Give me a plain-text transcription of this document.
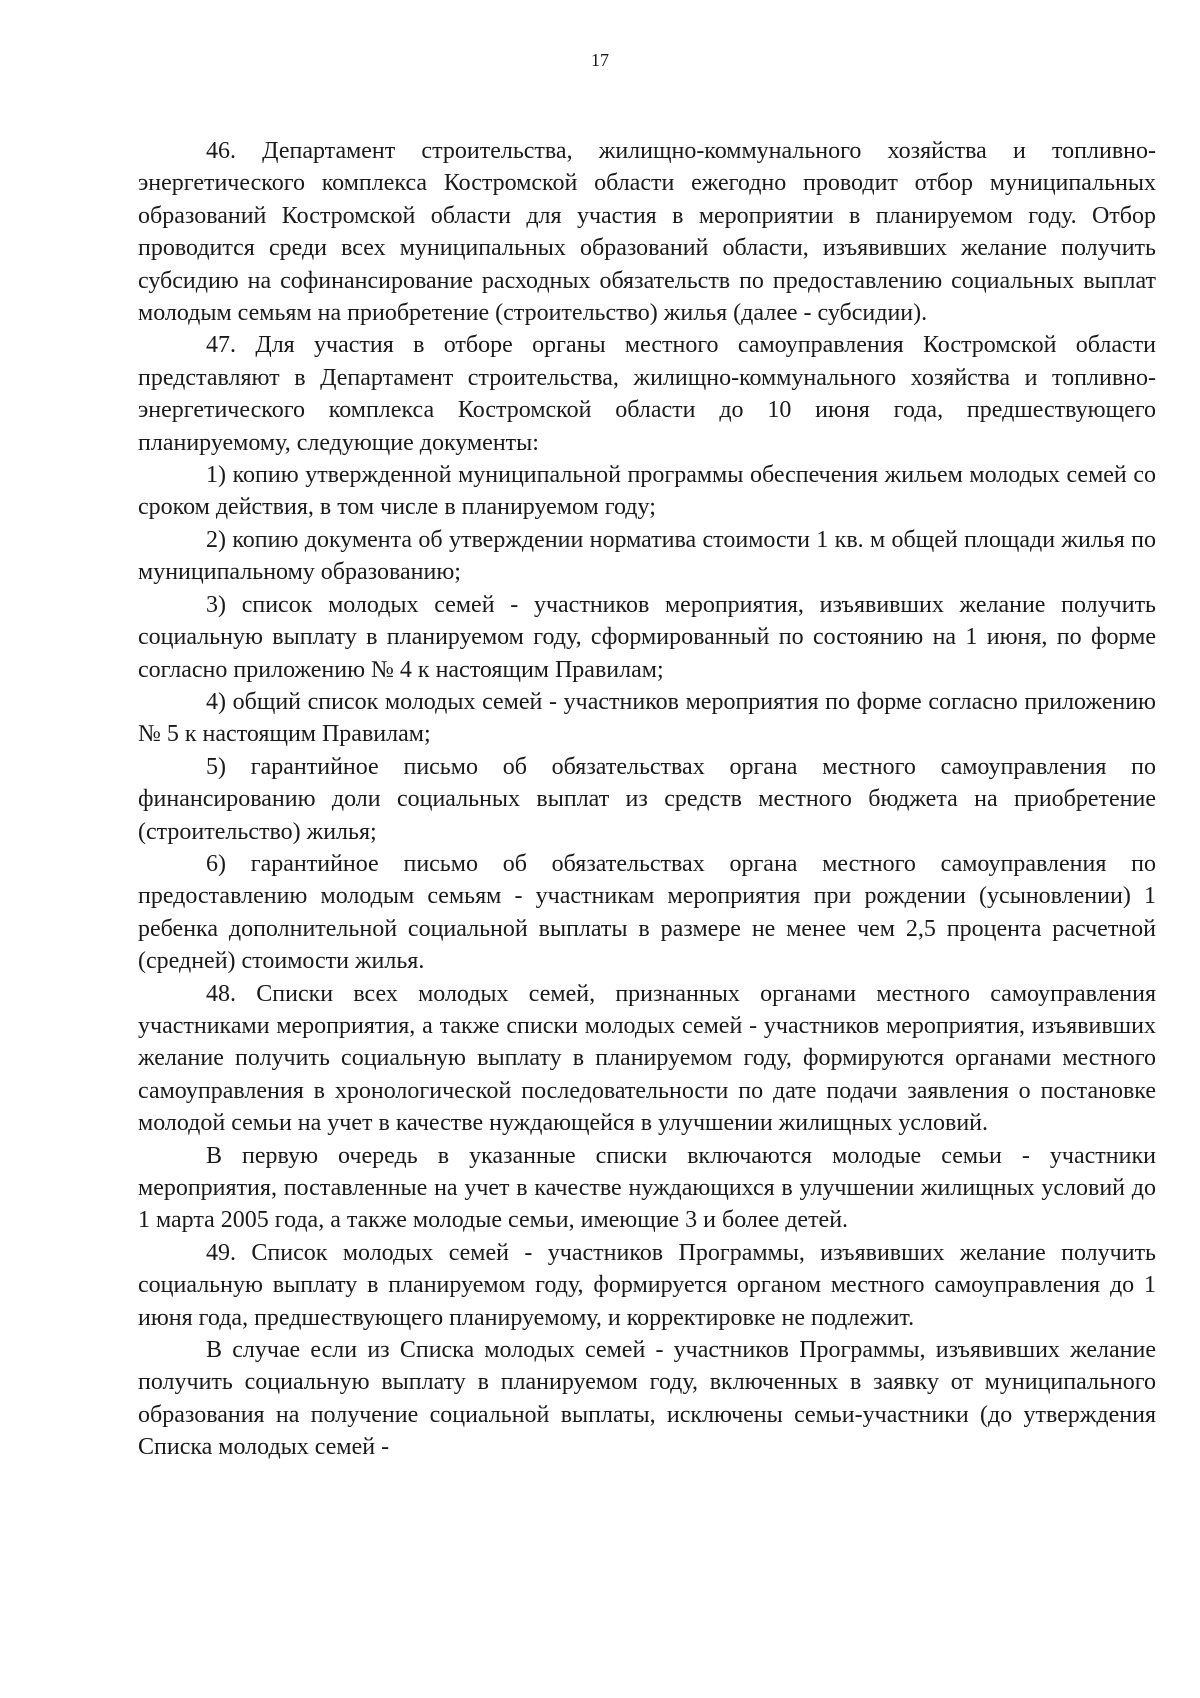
17

46. Департамент строительства, жилищно-коммунального хозяйства и топливно-энергетического комплекса Костромской области ежегодно проводит отбор муниципальных образований Костромской области для участия в мероприятии в планируемом году. Отбор проводится среди всех муниципальных образований области, изъявивших желание получить субсидию на софинансирование расходных обязательств по предоставлению социальных выплат молодым семьям на приобретение (строительство) жилья (далее - субсидии).

47. Для участия в отборе органы местного самоуправления Костромской области представляют в Департамент строительства, жилищно-коммунального хозяйства и топливно-энергетического комплекса Костромской области до 10 июня года, предшествующего планируемому, следующие документы:

1) копию утвержденной муниципальной программы обеспечения жильем молодых семей со сроком действия, в том числе в планируемом году;

2) копию документа об утверждении норматива стоимости 1 кв. м общей площади жилья по муниципальному образованию;

3) список молодых семей - участников мероприятия, изъявивших желание получить социальную выплату в планируемом году, сформированный по состоянию на 1 июня, по форме согласно приложению № 4 к настоящим Правилам;

4) общий список молодых семей - участников мероприятия по форме согласно приложению № 5 к настоящим Правилам;

5) гарантийное письмо об обязательствах органа местного самоуправления по финансированию доли социальных выплат из средств местного бюджета на приобретение (строительство) жилья;

6) гарантийное письмо об обязательствах органа местного самоуправления по предоставлению молодым семьям - участникам мероприятия при рождении (усыновлении) 1 ребенка дополнительной социальной выплаты в размере не менее чем 2,5 процента расчетной (средней) стоимости жилья.

48. Списки всех молодых семей, признанных органами местного самоуправления участниками мероприятия, а также списки молодых семей - участников мероприятия, изъявивших желание получить социальную выплату в планируемом году, формируются органами местного самоуправления в хронологической последовательности по дате подачи заявления о постановке молодой семьи на учет в качестве нуждающейся в улучшении жилищных условий.

В первую очередь в указанные списки включаются молодые семьи - участники мероприятия, поставленные на учет в качестве нуждающихся в улучшении жилищных условий до 1 марта 2005 года, а также молодые семьи, имеющие 3 и более детей.

49. Список молодых семей - участников Программы, изъявивших желание получить социальную выплату в планируемом году, формируется органом местного самоуправления до 1 июня года, предшествующего планируемому, и корректировке не подлежит.

В случае если из Списка молодых семей - участников Программы, изъявивших желание получить социальную выплату в планируемом году, включенных в заявку от муниципального образования на получение социальной выплаты, исключены семьи-участники (до утверждения Списка молодых семей -
